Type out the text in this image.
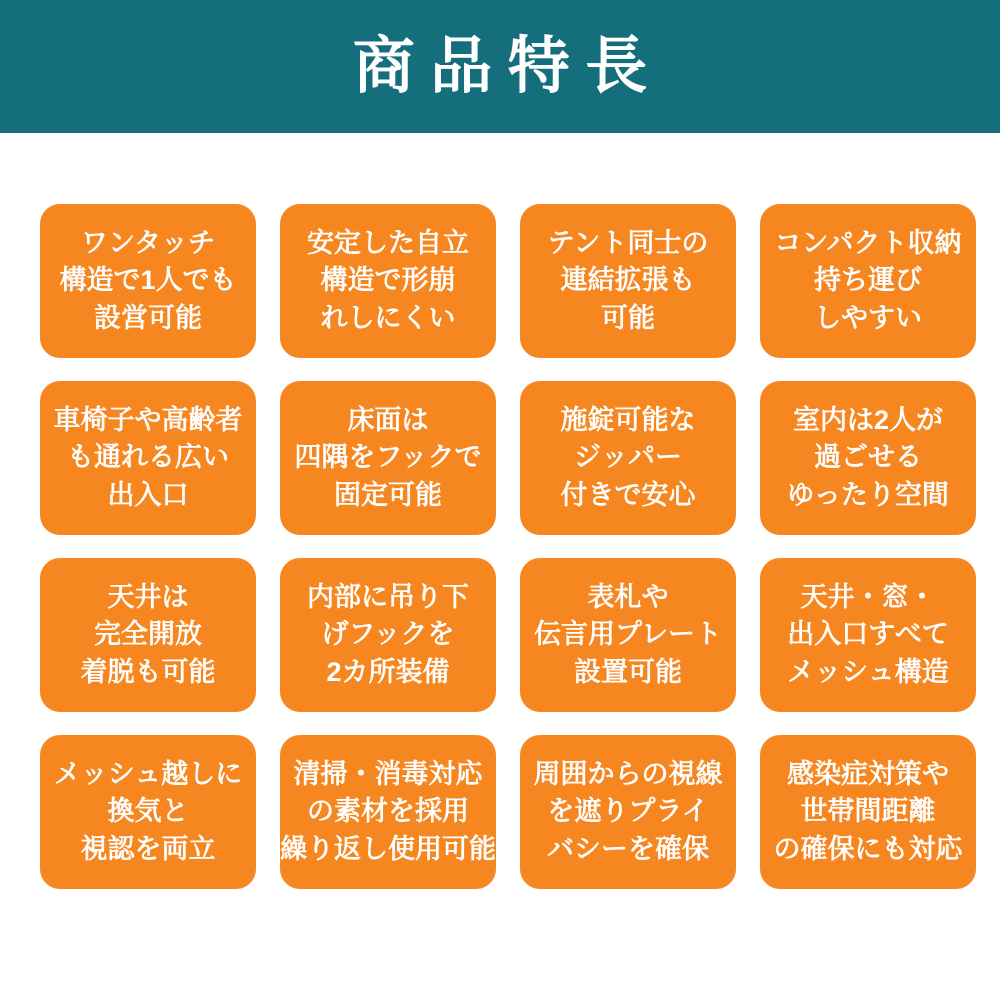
商品特長
ワンタッチ
構造で1人でも
設営可能
安定した自立
構造で形崩
れしにくい
テント同士の
連結拡張も
可能
コンパクト収納
持ち運び
しやすい
車椅子や高齢者
も通れる広い
出入口
床面は
四隅をフックで
固定可能
施錠可能な
ジッパー
付きで安心
室内は2人が
過ごせる
ゆったり空間
天井は
完全開放
着脱も可能
内部に吊り下
げフックを
2カ所装備
表札や
伝言用プレート
設置可能
天井・窓・
出入口すべて
メッシュ構造
メッシュ越しに
換気と
視認を両立
清掃・消毒対応
の素材を採用
繰り返し使用可能
周囲からの視線
を遮りプライ
バシーを確保
感染症対策や
世帯間距離
の確保にも対応
